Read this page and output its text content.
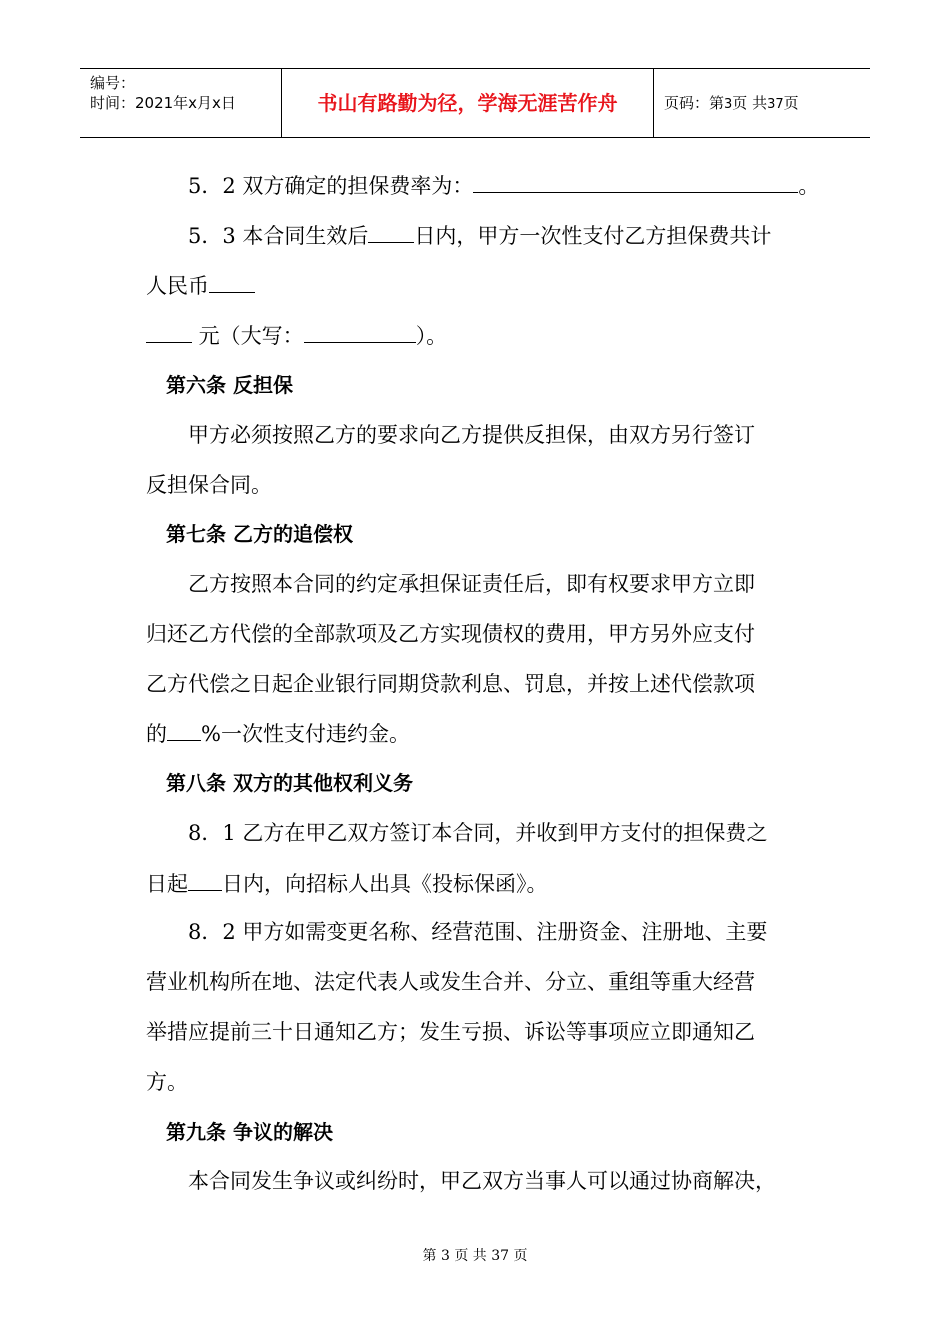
编号：
时间：2021年x月x日	书山有路勤为径，学海无涯苦作舟	页码：第3页 共37页
5．2 双方确定的担保费率为：	。
5．3 本合同生效后 日内，甲方一次性支付乙方担保费共计
人民币
元（大写：	）。
第六条 反担保
甲方必须按照乙方的要求向乙方提供反担保，由双方另行签订
反担保合同。
第七条 乙方的追偿权
乙方按照本合同的约定承担保证责任后，即有权要求甲方立即
归还乙方代偿的全部款项及乙方实现债权的费用，甲方另外应支付
乙方代偿之日起企业银行同期贷款利息、罚息，并按上述代偿款项
的 %一次性支付违约金。
第八条 双方的其他权利义务
8．1 乙方在甲乙双方签订本合同，并收到甲方支付的担保费之
日起 日内，向招标人出具《投标保函》。
8．2 甲方如需变更名称、经营范围、注册资金、注册地、主要
营业机构所在地、法定代表人或发生合并、分立、重组等重大经营
举措应提前三十日通知乙方；发生亏损、诉讼等事项应立即通知乙
方。
第九条 争议的解决
本合同发生争议或纠纷时，甲乙双方当事人可以通过协商解决，
第 3 页 共 37 页
